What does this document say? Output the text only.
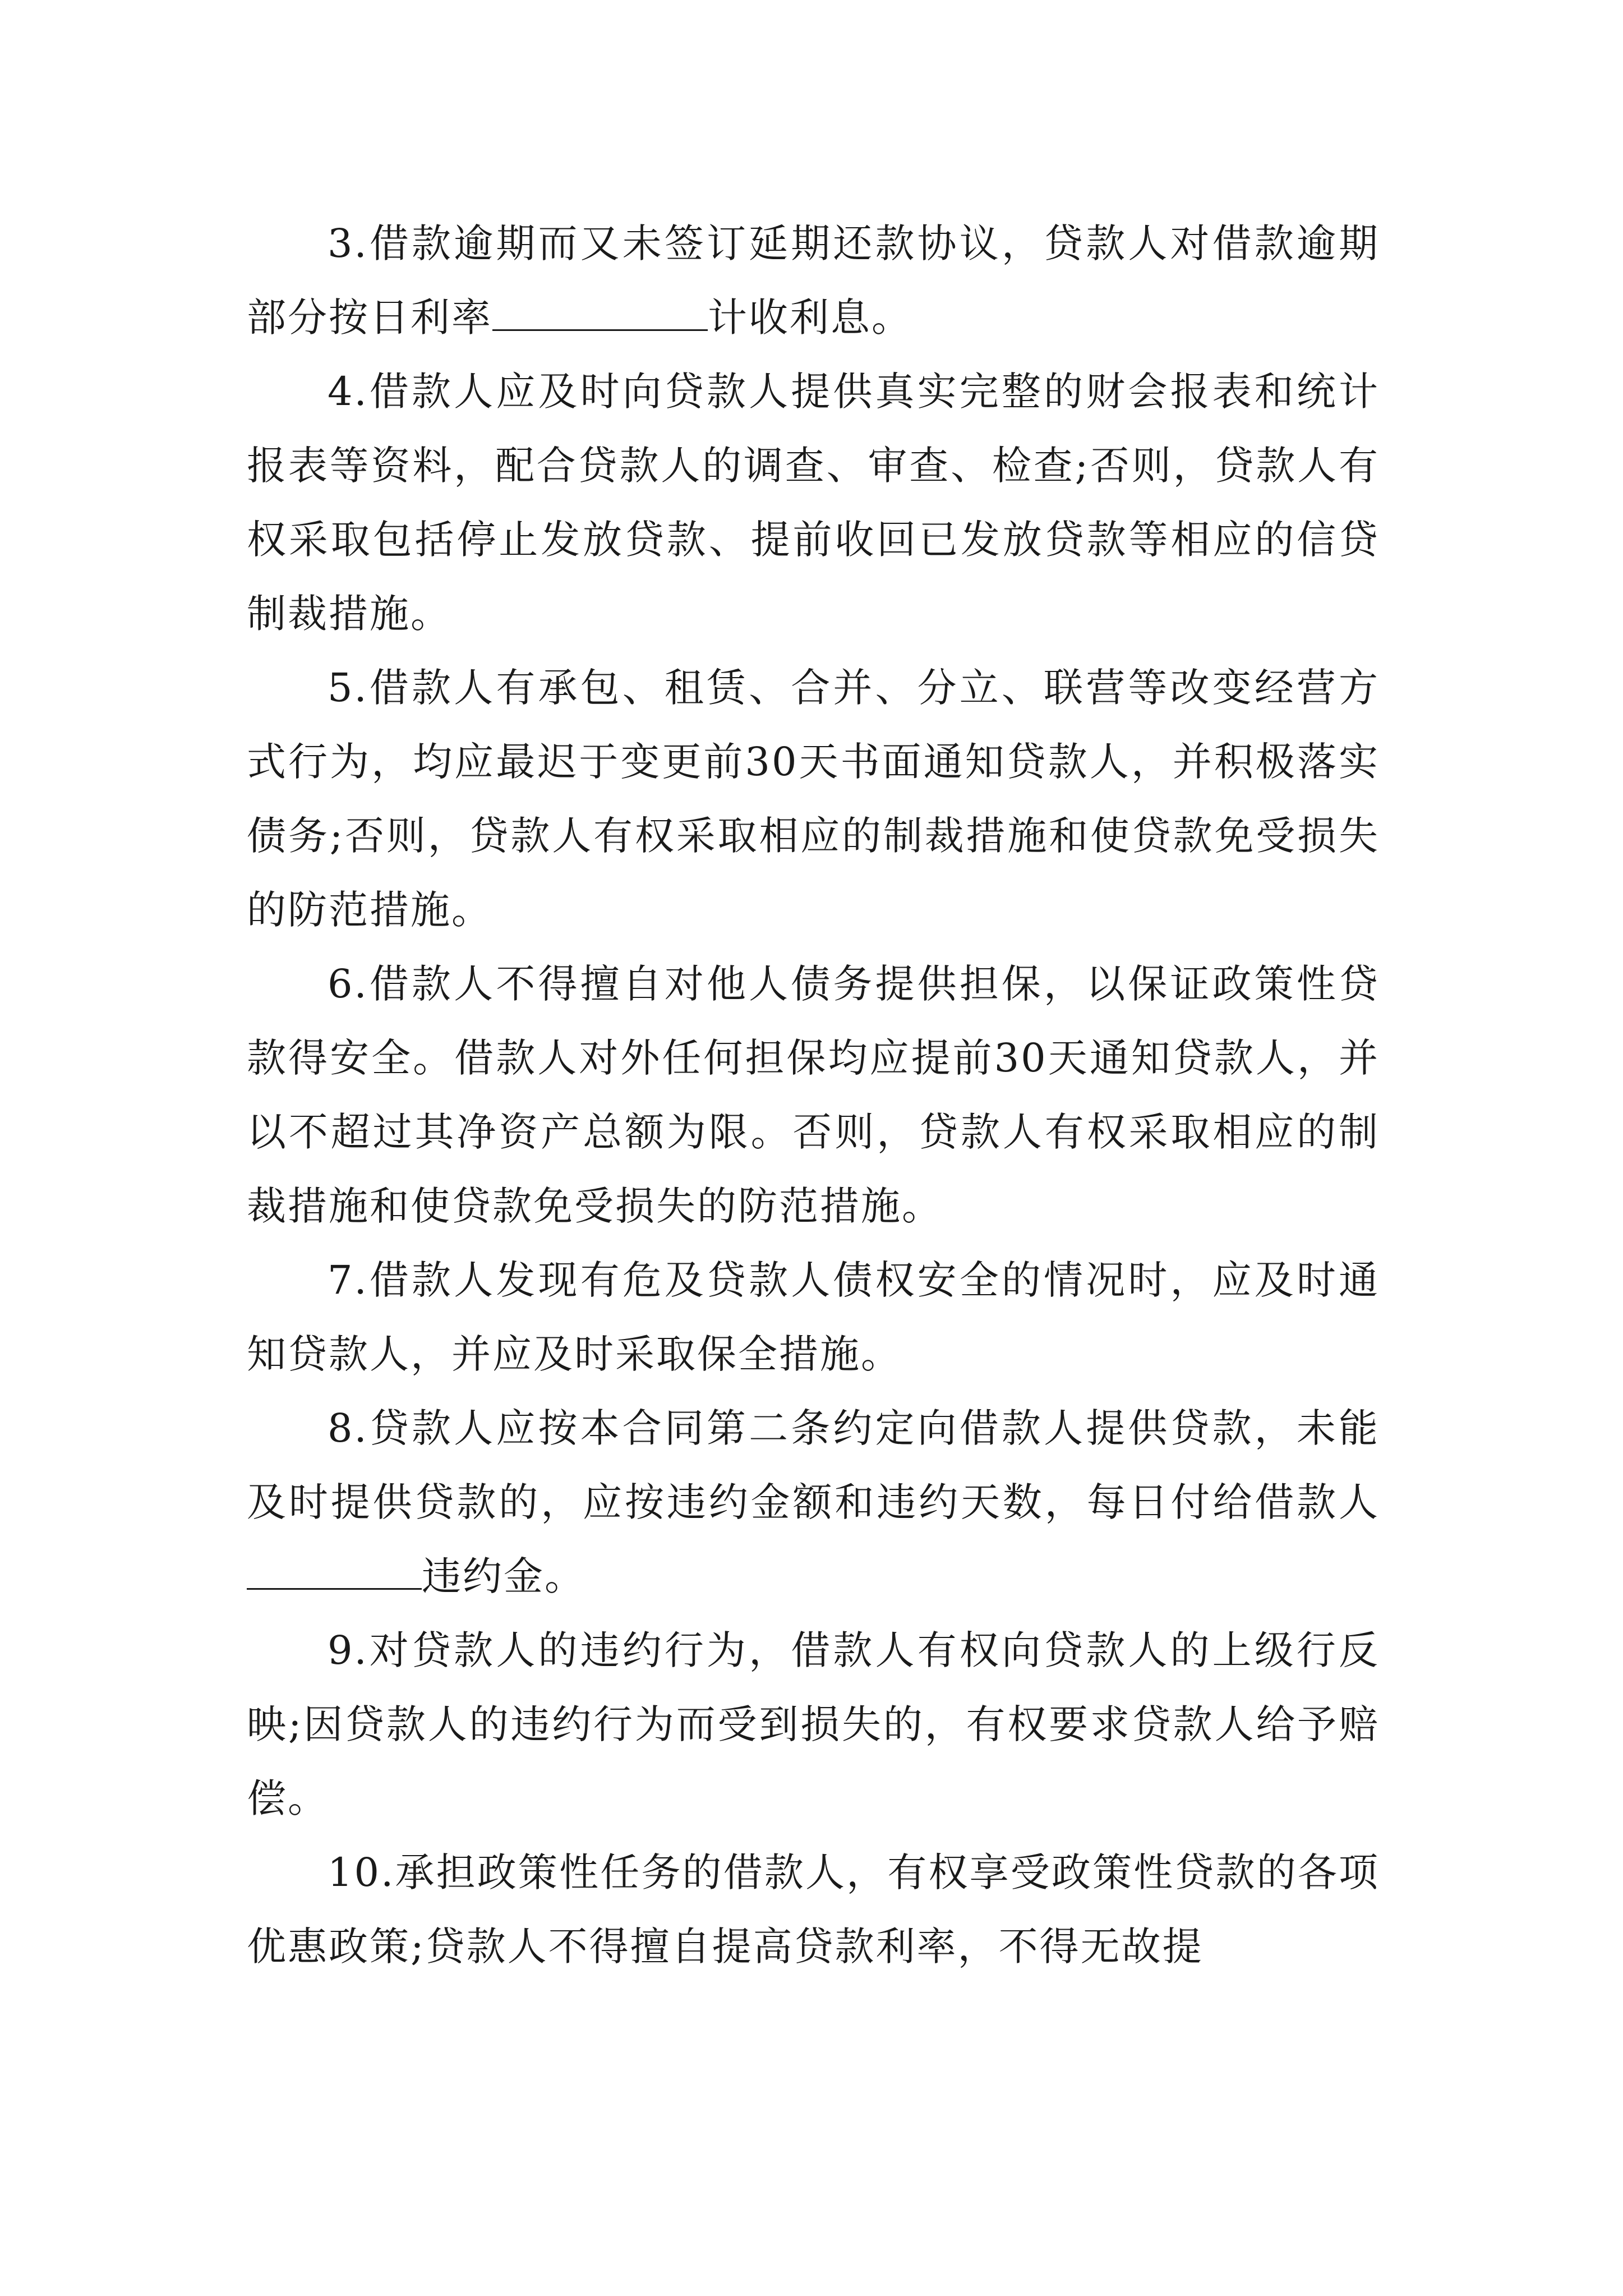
3.借款逾期而又未签订延期还款协议，贷款人对借款逾期部分按日利率	计收利息。

4.借款人应及时向贷款人提供真实完整的财会报表和统计报表等资料，配合贷款人的调查、审查、检查;否则，贷款人有权采取包括停止发放贷款、提前收回已发放贷款等相应的信贷制裁措施。

5.借款人有承包、租赁、合并、分立、联营等改变经营方式行为，均应最迟于变更前30天书面通知贷款人，并积极落实债务;否则，贷款人有权采取相应的制裁措施和使贷款免受损失的防范措施。

6.借款人不得擅自对他人债务提供担保，以保证政策性贷款得安全。借款人对外任何担保均应提前30天通知贷款人，并以不超过其净资产总额为限。否则，贷款人有权采取相应的制裁措施和使贷款免受损失的防范措施。

7.借款人发现有危及贷款人债权安全的情况时，应及时通知贷款人，并应及时采取保全措施。

8.贷款人应按本合同第二条约定向借款人提供贷款，未能及时提供贷款的，应按违约金额和违约天数，每日付给借款人违约金。

9.对贷款人的违约行为，借款人有权向贷款人的上级行反映;因贷款人的违约行为而受到损失的，有权要求贷款人给予赔偿。

10.承担政策性任务的借款人，有权享受政策性贷款的各项优惠政策;贷款人不得擅自提高贷款利率，不得无故提
